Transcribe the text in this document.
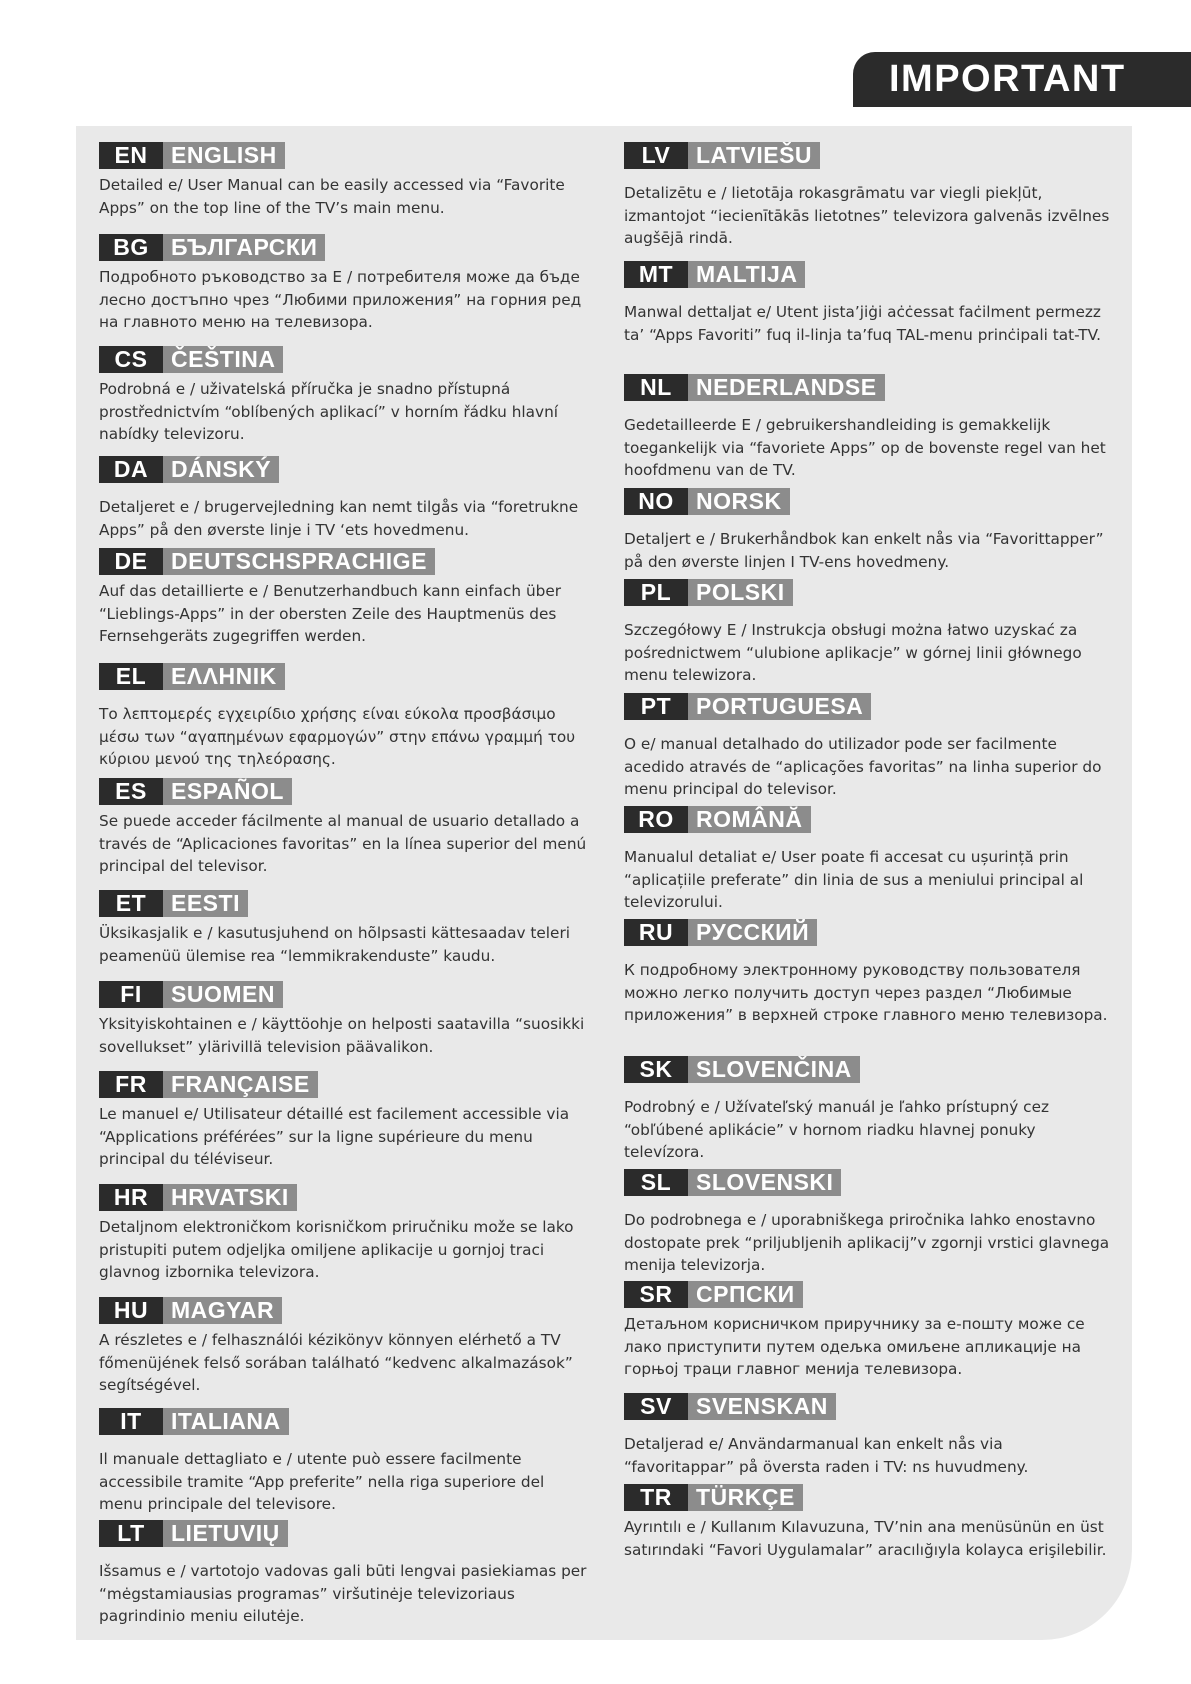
IMPORTANT
EN	ENGLISH
Detailed e/ User Manual can be easily accessed via “Favorite Apps” on the top line of the TV’s main menu.
BG БЪЛГАРСКИ
Подробното ръководство за Е / потребителя може да бъде лесно достъпно чрез “Любими приложения” на горния ред на главното меню на телевизора.
CS	ČEŠTINA
Podrobná e / uživatelská příručka je snadno přístupná prostřednictvím “oblíbených aplikací” v horním řádku hlavní nabídky televizoru.
DA DÁNSKÝ
Detaljeret e / brugervejledning kan nemt tilgås via “foretrukne Apps” på den øverste linje i TV ‘ets hovedmenu.
DE	DEUTSCHSPRACHIGE
Auf das detaillierte e / Benutzerhandbuch kann einfach über “Lieblings-Apps” in der obersten Zeile des Hauptmenüs des Fernsehgeräts zugegriffen werden.
EL	ΕΛΛΗΝΙΚ
Το λεπτομερές εγχειρίδιο χρήσης είναι εύκολα προσβάσιμο μέσω των “αγαπημένων εφαρμογών” στην επάνω γραμμή του κύριου μενού της τηλεόρασης.
ES	ESPAÑOL
Se puede acceder fácilmente al manual de usuario detallado a través de “Aplicaciones favoritas” en la línea superior del menú principal del televisor.
ET	EESTI
Üksikasjalik e / kasutusjuhend on hõlpsasti kättesaadav teleri peamenüü ülemise rea “lemmikrakenduste” kaudu.
FI	SUOMEN
Yksityiskohtainen e / käyttöohje on helposti saatavilla “suosikki sovellukset” ylärivillä television päävalikon.
FR	FRANÇAISE
Le manuel e/ Utilisateur détaillé est facilement accessible via “Applications préférées” sur la ligne supérieure du menu principal du téléviseur.
HR HRVATSKI
Detaljnom elektroničkom korisničkom priručniku može se lako pristupiti putem odjeljka omiljene aplikacije u gornjoj traci glavnog izbornika televizora.
HU MAGYAR
A részletes e / felhasználói kézikönyv könnyen elérhető a TV főmenüjének felső sorában található “kedvenc alkalmazások” segítségével.
IT	ITALIANA
Il manuale dettagliato e / utente può essere facilmente accessibile tramite “App preferite” nella riga superiore del menu principale del televisore.
LT	LIETUVIŲ
Išsamus e / vartotojo vadovas gali būti lengvai pasiekiamas per “mėgstamiausias programas” viršutinėje televizoriaus pagrindinio meniu eilutėje.
LV	LATVIEŠU
Detalizētu e / lietotāja rokasgrāmatu var viegli piekļūt, izmantojot “iecienītākās lietotnes” televizora galvenās izvēlnes augšējā rindā.
MT MALTIJA
Manwal dettaljat e/ Utent jista’jiġi aċċessat faċilment permezz ta’ “Apps Favoriti” fuq il-linja ta’fuq TAL-menu prinċipali tat-TV.
NL	NEDERLANDSE
Gedetailleerde E / gebruikershandleiding is gemakkelijk toegankelijk via “favoriete Apps” op de bovenste regel van het hoofdmenu van de TV.
NO NORSK
Detaljert e / Brukerhåndbok kan enkelt nås via “Favorittapper” på den øverste linjen I TV-ens hovedmeny.
PL	POLSKI
Szczegółowy E / Instrukcja obsługi można łatwo uzyskać za pośrednictwem “ulubione aplikacje” w górnej linii głównego menu telewizora.
PT	PORTUGUESA
O e/ manual detalhado do utilizador pode ser facilmente acedido através de “aplicações favoritas” na linha superior do menu principal do televisor.
RO ROMÂNĂ
Manualul detaliat e/ User poate fi accesat cu ușurință prin “aplicațiile preferate” din linia de sus a meniului principal al televizorului.
RU РУССКИЙ
К подробному электронному руководству пользователя можно легко получить доступ через раздел “Любимые приложения” в верхней строке главного меню телевизора.
SK	SLOVENČINA
Podrobný e / Užívateľský manuál je ľahko prístupný cez “obľúbené aplikácie” v hornom riadku hlavnej ponuky televízora.
SL	SLOVENSKI
Do podrobnega e / uporabniškega priročnika lahko enostavno dostopate prek “priljubljenih aplikacij”v zgornji vrstici glavnega menija televizorja.
SR	СРПСКИ
Детаљном корисничком приручнику за е-пошту може се лако приступити путем одељка омиљене апликације на горњој траци главног менија телевизора.
SV	SVENSKAN
Detaljerad e/ Användarmanual kan enkelt nås via “favoritappar” på översta raden i TV: ns huvudmeny.
TR	TÜRKÇE
Ayrıntılı e / Kullanım Kılavuzuna, TV’nin ana menüsünün en üst satırındaki “Favori Uygulamalar” aracılığıyla kolayca erişilebilir.
